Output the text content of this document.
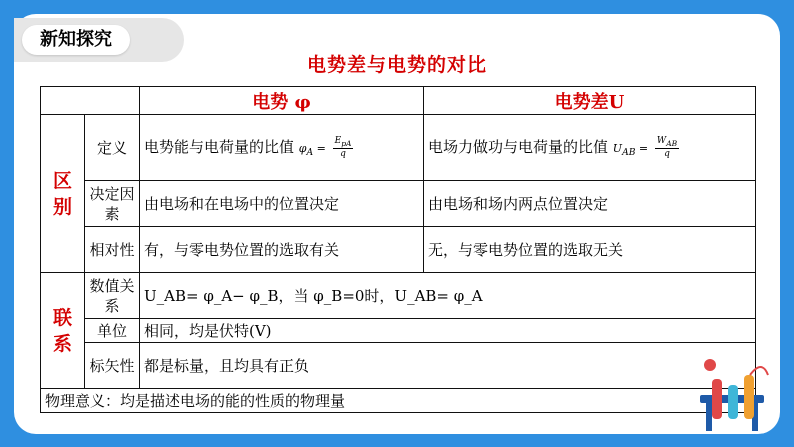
新知探究
电势差与电势的对比
		电势 φ	电势差U
区别	定义	电势能与电荷量的比值 $\varphi_A = \frac{E_{pA}}{q}$	电场力做功与电荷量的比值 $U_{AB} = \frac{W_{AB}}{q}$

	决定因素	由电场和在电场中的位置决定	由电场和场内两点位置决定
	相对性	有，与零电势位置的选取有关	无，与零电势位置的选取无关
联系	数值关系	U_AB= φ_A− φ_B，当 φ_B=0时，U_AB= φ_A	
	单位	相同，均是伏特(V)	
	标矢性	都是标量，且均具有正负	
物理意义：均是描述电场的能的性质的物理量			
